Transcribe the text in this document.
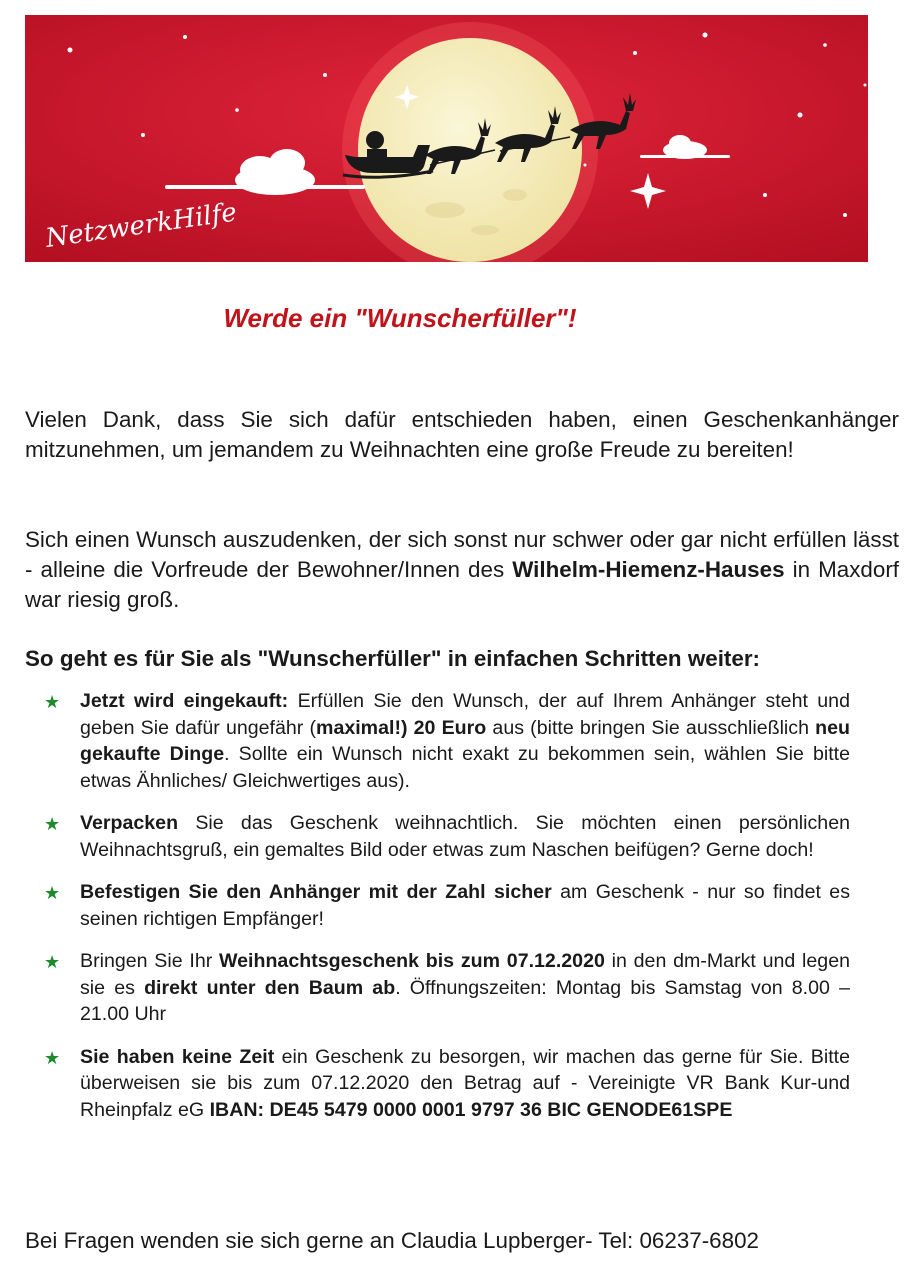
NetzwerkHilfe
Werde ein "Wunscherfüller"!

Vielen Dank, dass Sie sich dafür entschieden haben, einen Geschenkanhänger mitzunehmen, um jemandem zu Weihnachten eine große Freude zu bereiten!

Sich einen Wunsch auszudenken, der sich sonst nur schwer oder gar nicht erfüllen lässt - alleine die Vorfreude der Bewohner/Innen des Wilhelm-Hiemenz-Hauses in Maxdorf war riesig groß.

So geht es für Sie als "Wunscherfüller" in einfachen Schritten weiter:
★ Jetzt wird eingekauft: Erfüllen Sie den Wunsch, der auf Ihrem Anhänger steht und geben Sie dafür ungefähr (maximal!) 20 Euro aus (bitte bringen Sie ausschließlich neu gekaufte Dinge. Sollte ein Wunsch nicht exakt zu bekommen sein, wählen Sie bitte etwas Ähnliches/ Gleichwertiges aus).
★ Verpacken Sie das Geschenk weihnachtlich. Sie möchten einen persönlichen Weihnachtsgruß, ein gemaltes Bild oder etwas zum Naschen beifügen? Gerne doch!
★ Befestigen Sie den Anhänger mit der Zahl sicher am Geschenk - nur so findet es seinen richtigen Empfänger!
★ Bringen Sie Ihr Weihnachtsgeschenk bis zum 07.12.2020 in den dm-Markt und legen sie es direkt unter den Baum ab. Öffnungszeiten: Montag bis Samstag von 8.00 – 21.00 Uhr
★ Sie haben keine Zeit ein Geschenk zu besorgen, wir machen das gerne für Sie. Bitte überweisen sie bis zum 07.12.2020 den Betrag auf - Vereinigte VR Bank Kur-und Rheinpfalz eG IBAN: DE45 5479 0000 0001 9797 36 BIC GENODE61SPE

Bei Fragen wenden sie sich gerne an Claudia Lupberger- Tel: 06237-6802
